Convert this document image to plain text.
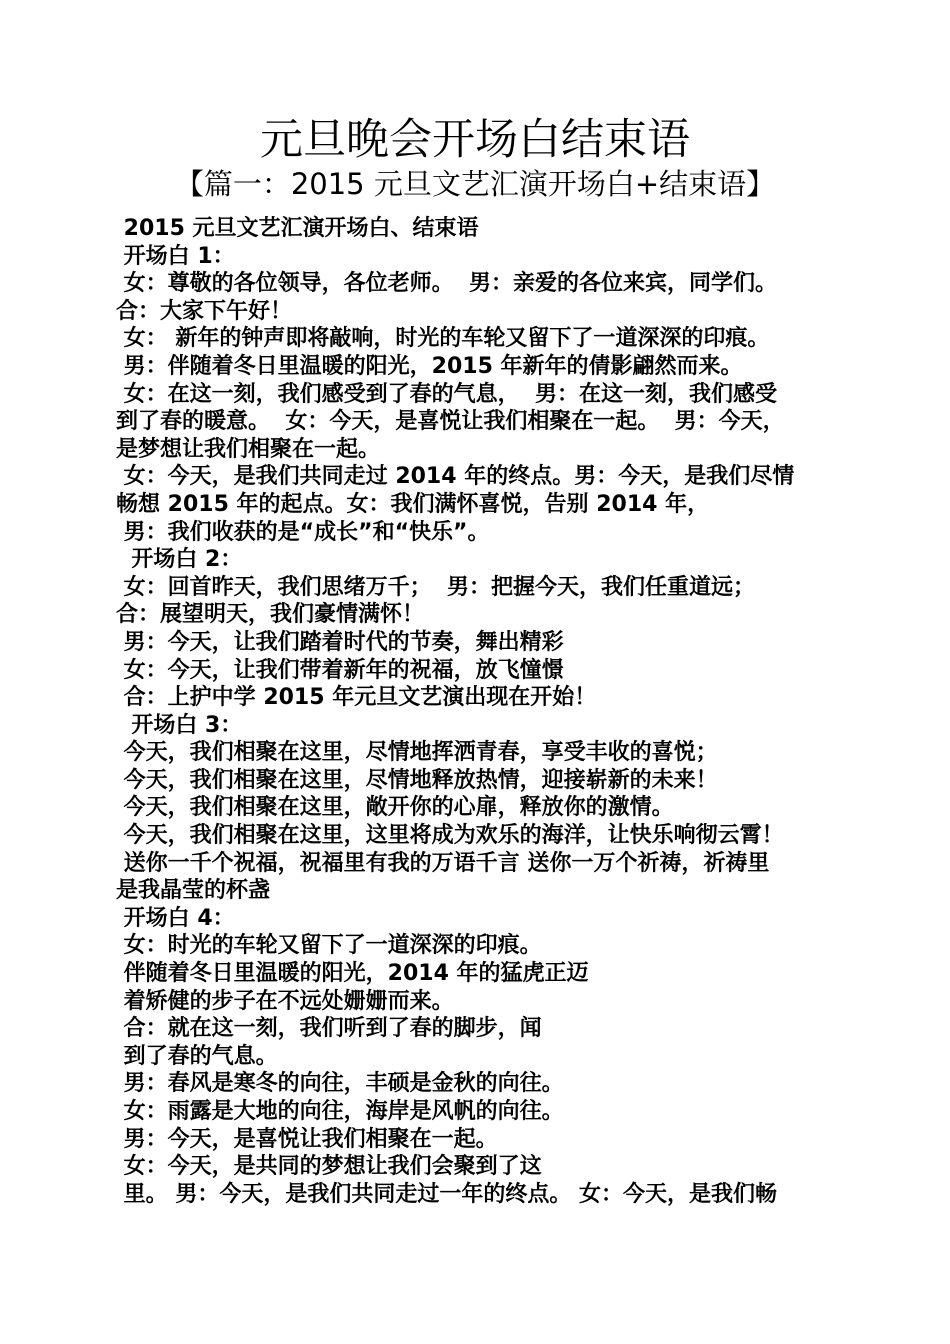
元旦晚会开场白结束语
【篇一：2015 元旦文艺汇演开场白+结束语】
2015 元旦文艺汇演开场白、结束语
开场白 1：
女：尊敬的各位领导，各位老师。  男：亲爱的各位来宾，同学们。
合：大家下午好！
女： 新年的钟声即将敲响，时光的车轮又留下了一道深深的印痕。
男：伴随着冬日里温暖的阳光，2015 年新年的倩影翩然而来。
女：在这一刻，我们感受到了春的气息，  男：在这一刻，我们感受
到了春的暖意。  女：今天，是喜悦让我们相聚在一起。  男：今天，
是梦想让我们相聚在一起。
女：今天，是我们共同走过 2014 年的终点。男：今天，是我们尽情
畅想 2015 年的起点。女：我们满怀喜悦，告别 2014 年，
男：我们收获的是“成长”和“快乐”。
开场白 2：
女：回首昨天，我们思绪万千；  男：把握今天，我们任重道远；
合：展望明天，我们豪情满怀！
男：今天，让我们踏着时代的节奏，舞出精彩
女：今天，让我们带着新年的祝福，放飞憧憬
合：上护中学 2015 年元旦文艺演出现在开始！
开场白 3：
今天，我们相聚在这里，尽情地挥洒青春，享受丰收的喜悦；
今天，我们相聚在这里，尽情地释放热情，迎接崭新的未来！
今天，我们相聚在这里，敞开你的心扉，释放你的激情。
今天，我们相聚在这里，这里将成为欢乐的海洋，让快乐响彻云霄！
送你一千个祝福，祝福里有我的万语千言 送你一万个祈祷，祈祷里
是我晶莹的杯盏
开场白 4：
女：时光的车轮又留下了一道深深的印痕。
伴随着冬日里温暖的阳光，2014 年的猛虎正迈
着矫健的步子在不远处姗姗而来。
合：就在这一刻，我们听到了春的脚步，闻
到了春的气息。
男：春风是寒冬的向往，丰硕是金秋的向往。
女：雨露是大地的向往，海岸是风帆的向往。
男：今天，是喜悦让我们相聚在一起。
女：今天，是共同的梦想让我们会聚到了这
里。 男：今天，是我们共同走过一年的终点。 女：今天，是我们畅
